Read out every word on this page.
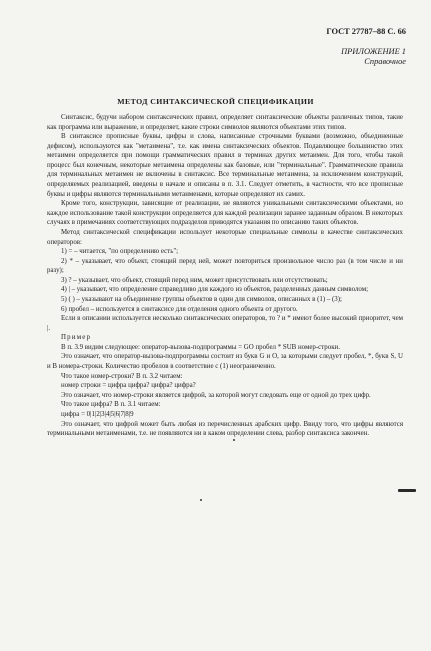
ГОСТ 27787–88 С. 66
ПРИЛОЖЕНИЕ 1
Справочное
МЕТОД СИНТАКСИЧЕСКОЙ СПЕЦИФИКАЦИИ

Синтаксис, будучи набором синтаксических правил, определяет синтаксические объекты различных типов, такие как программа или выражение, и определяет, какие строки символов являются объектами этих типов.

В синтаксисе прописные буквы, цифры и слова, написанные строчными буквами (возможно, объединенные дефисом), используются как "метаимена", т.е. как имена синтаксических объектов. Подавляющее большинство этих метаимен определяется при помощи грамматических правил в терминах других метаимен. Для того, чтобы такой процесс был конечным, некоторые метаимена определены как базовые, или "терминальные". Грамматические правила для терминальных метаимен не включены в синтаксис. Все терминальные метаимена, за исключением конструкций, определяемых реализацией, введены в начале и описаны в п. 3.1. Следует отметить, в частности, что все прописные буквы и цифры являются терминальными метаименами, которые определяют их самих.

Кроме того, конструкции, зависящие от реализации, не являются уникальными синтаксическими объектами, но каждое использование такой конструкции определяется для каждой реализации заранее заданным образом. В некоторых случаях в примечаниях соответствующих подразделов приводятся указания по описанию таких объектов.

Метод синтаксической спецификации использует некоторые специальные символы в качестве синтаксических операторов:

1) = – читается, "по определению есть";

2) * – указывает, что объект, стоящий перед ней, может повториться произвольное число раз (в том числе и ни разу);

3) ? – указывает, что объект, стоящий перед ним, может присутствовать или отсутствовать;

4) | – указывает, что определение справедливо для каждого из объектов, разделенных данным символом;

5) ( ) – указывают на объединение группы объектов в один для символов, описанных в (1) – (3);

6) пробел – используется в синтаксисе для отделения одного объекта от другого.

Если в описании используется несколько синтаксических операторов, то ? и * имеют более высокий приоритет, чем |.

Пример

В п. 3.9 видим следующее: оператор-вызова-подпрограммы = GO пробел * SUB номер-строки.

Это означает, что оператор-вызова-подпрограммы состоит из букв G и O, за которыми следует пробел, *, букв S, U и B номера-строки. Количество пробелов в соответствие с (1) неограниченно.

Что такое номер-строки? В п. 3.2 читаем:

номер строки = цифра цифра? цифра? цифра?

Это означает, что номер-строки является цифрой, за которой могут следовать еще от одной до трех цифр.

Что такое цифра? В п. 3.1 читаем:

цифра = 0|1|2|3|4|5|6|7|8|9

Это означает, что цифрой может быть любая из перечисленных арабских цифр. Ввиду того, что цифры являются терминальными метаименами, т.е. не появляются ни в каком определении слева, разбор синтаксиса закончен.
